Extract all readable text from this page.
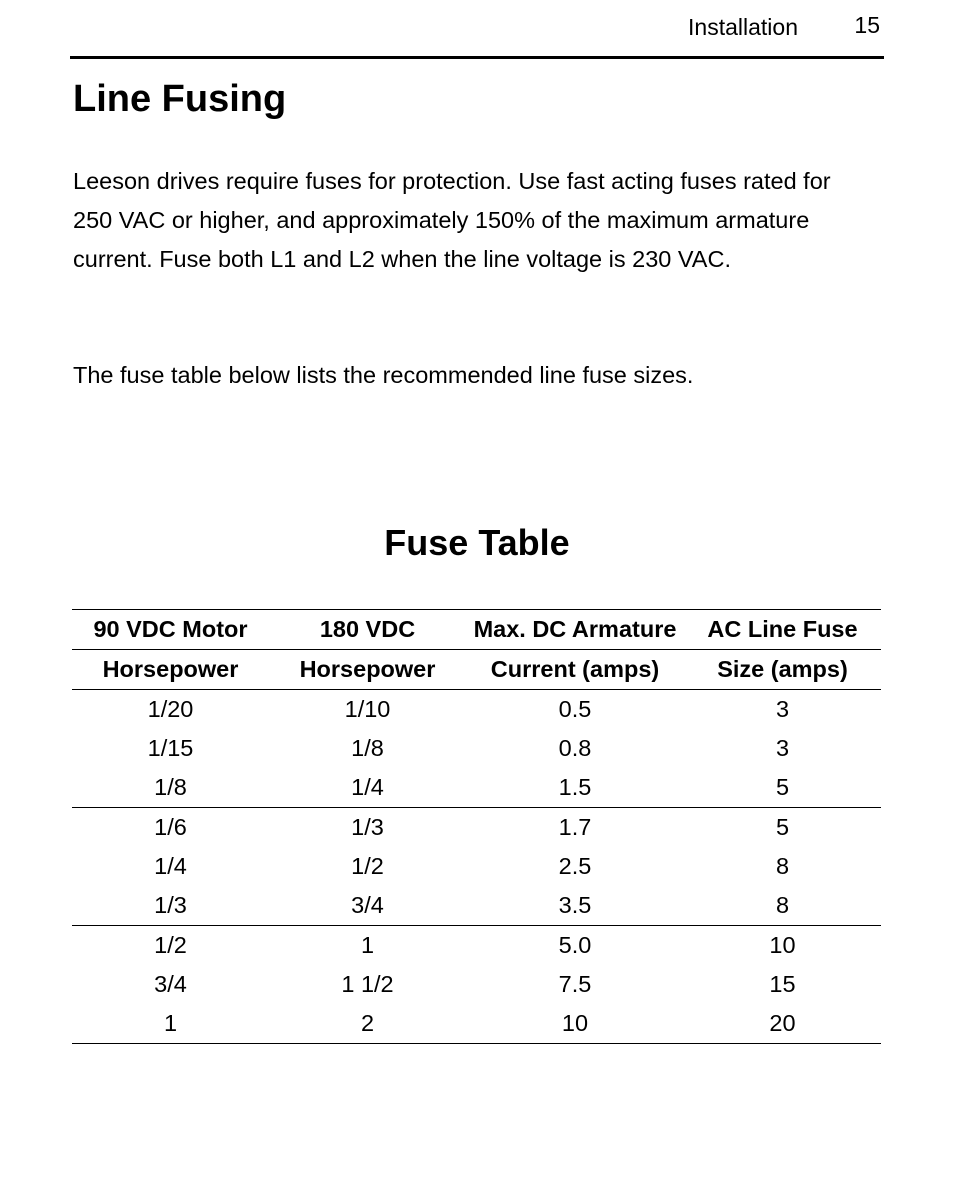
Installation 15
Line Fusing

Leeson drives require fuses for protection. Use fast acting fuses rated for 250 VAC or higher, and approximately 150% of the maximum armature current. Fuse both L1 and L2 when the line voltage is 230 VAC.

The fuse table below lists the recommended line fuse sizes.

Fuse Table
90 VDC Motor	180 VDC	Max. DC Armature	AC Line Fuse
Horsepower	Horsepower	Current (amps)	Size (amps)
1/20	1/10	0.5	3
1/15	1/8	0.8	3
1/8	1/4	1.5	5
1/6	1/3	1.7	5
1/4	1/2	2.5	8
1/3	3/4	3.5	8
1/2	1	5.0	10
3/4	1 1/2	7.5	15
1	2	10	20
